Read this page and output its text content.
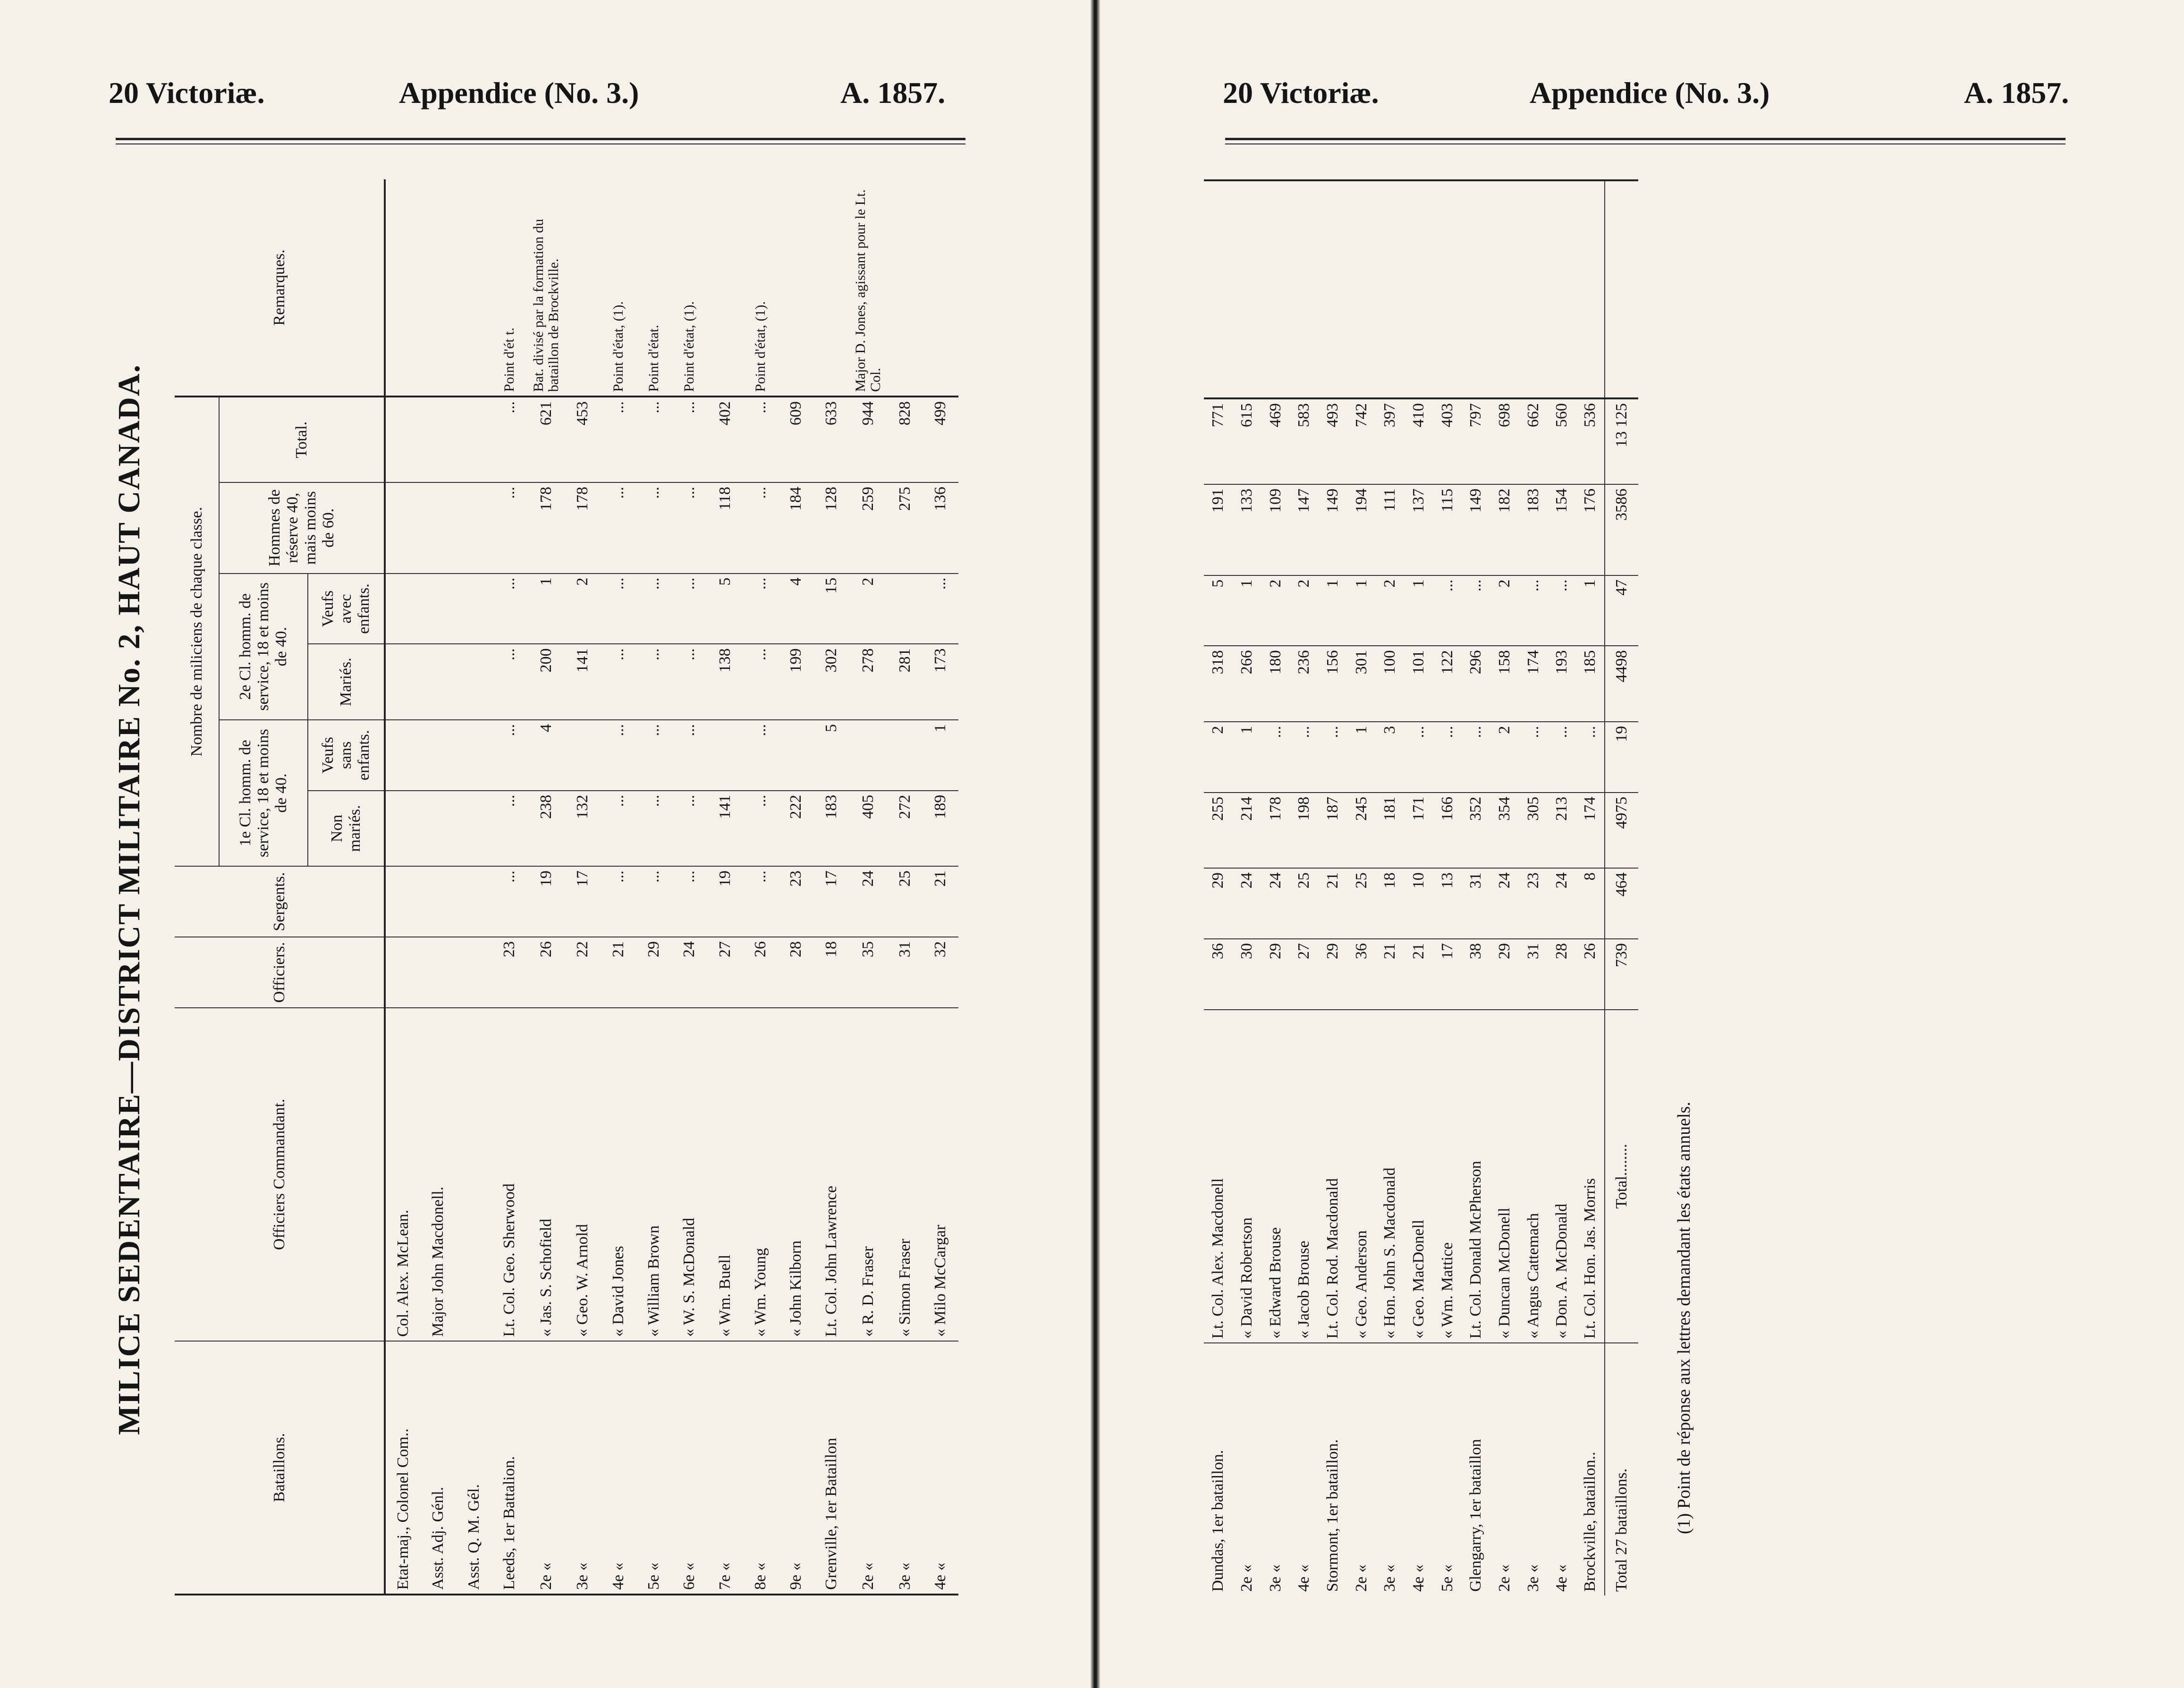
20 Victoriæ.	Appendice (No. 3.)	A. 1857.
MILICE SEDENTAIRE—DISTRICT MILITAIRE No. 2, HAUT CANADA.
Bataillons.	Officiers Commandant.	Officiers.	Sergents.	Nombre de miliciens de chaque classe.						Remarques.
				1e Cl. homm. de service, 18 et moins de 40.		2e Cl. homm. de service, 18 et moins de 40.		Hommes de réserve 40, mais moins de 60.	Total.	
				Non mariés.	Veufs sans enfants.	Mariés.	Veufs avec enfants.			
Etat-maj., Colonel Com..	Col. Alex. McLean.									
Asst. Adj. Génl.	Major John Macdonell.									
Asst. Q. M. Gél.										
Leeds, 1er Battalion.	Lt. Col. Geo. Sherwood	23	...	...	...	...	...	...	...	Point d'ét t.
2e «	« Jas. S. Schofield	26	19	238	4	200	1	178	621	Bat. divisé par la formation du bataillon de Brockville.
3e «	« Geo. W. Arnold	22	17	132		141	2	178	453	
4e «	« David Jones	21	...	...	...	...	...	...	...	Point d'état, (1).
5e «	« William Brown	29	...	...	...	...	...	...	...	Point d'état.
6e «	« W. S. McDonald	24	...	...	...	...	...	...	...	Point d'état, (1).
7e «	« Wm. Buell	27	19	141		138	5	118	402	
8e «	« Wm. Young	26	...	...	...	...	...	...	...	Point d'état, (1).
9e «	« John Kilborn	28	23	222		199	4	184	609	
Grenville, 1er Bataillon	Lt. Col. John Lawrence	18	17	183	5	302	15	128	633	
2e «	« R. D. Fraser	35	24	405		278	2	259	944	Major D. Jones, agissant pour le Lt. Col.
3e «	« Simon Fraser	31	25	272		281		275	828	
4e «	« Milo McCargar	32	21	189	1	173	...	136	499	
20 Victoriæ.	Appendice (No. 3.)	A. 1857.
Dundas, 1er bataillon.	Lt. Col. Alex. Macdonell	36	29	255	2	318	5	191	771	
2e «	« David Robertson	30	24	214	1	266	1	133	615	
3e «	« Edward Brouse	29	24	178	...	180	2	109	469	
4e «	« Jacob Brouse	27	25	198	...	236	2	147	583	
Stormont, 1er bataillon.	Lt. Col. Rod. Macdonald	29	21	187	...	156	1	149	493	
2e «	« Geo. Anderson	36	25	245	1	301	1	194	742	
3e «	« Hon. John S. Macdonald	21	18	181	3	100	2	111	397	
4e «	« Geo. MacDonell	21	10	171	...	101	1	137	410	
5e «	« Wm. Mattice	17	13	166	...	122	...	115	403	
Glengarry, 1er bataillon	Lt. Col. Donald McPherson	38	31	352	...	296	...	149	797	
2e «	« Duncan McDonell	29	24	354	2	158	2	182	698	
3e «	« Angus Cattemach	31	23	305	...	174	...	183	662	
4e «	« Don. A. McDonald	28	24	213	...	193	...	154	560	
Brockville, bataillon..	Lt. Col. Hon. Jas. Morris	26	8	174	...	185	1	176	536	
Total 27 bataillons.	Total........	739	464	4975	19	4498	47	3586	13 125	
(1) Point de réponse aux lettres demandant les états annuels.
